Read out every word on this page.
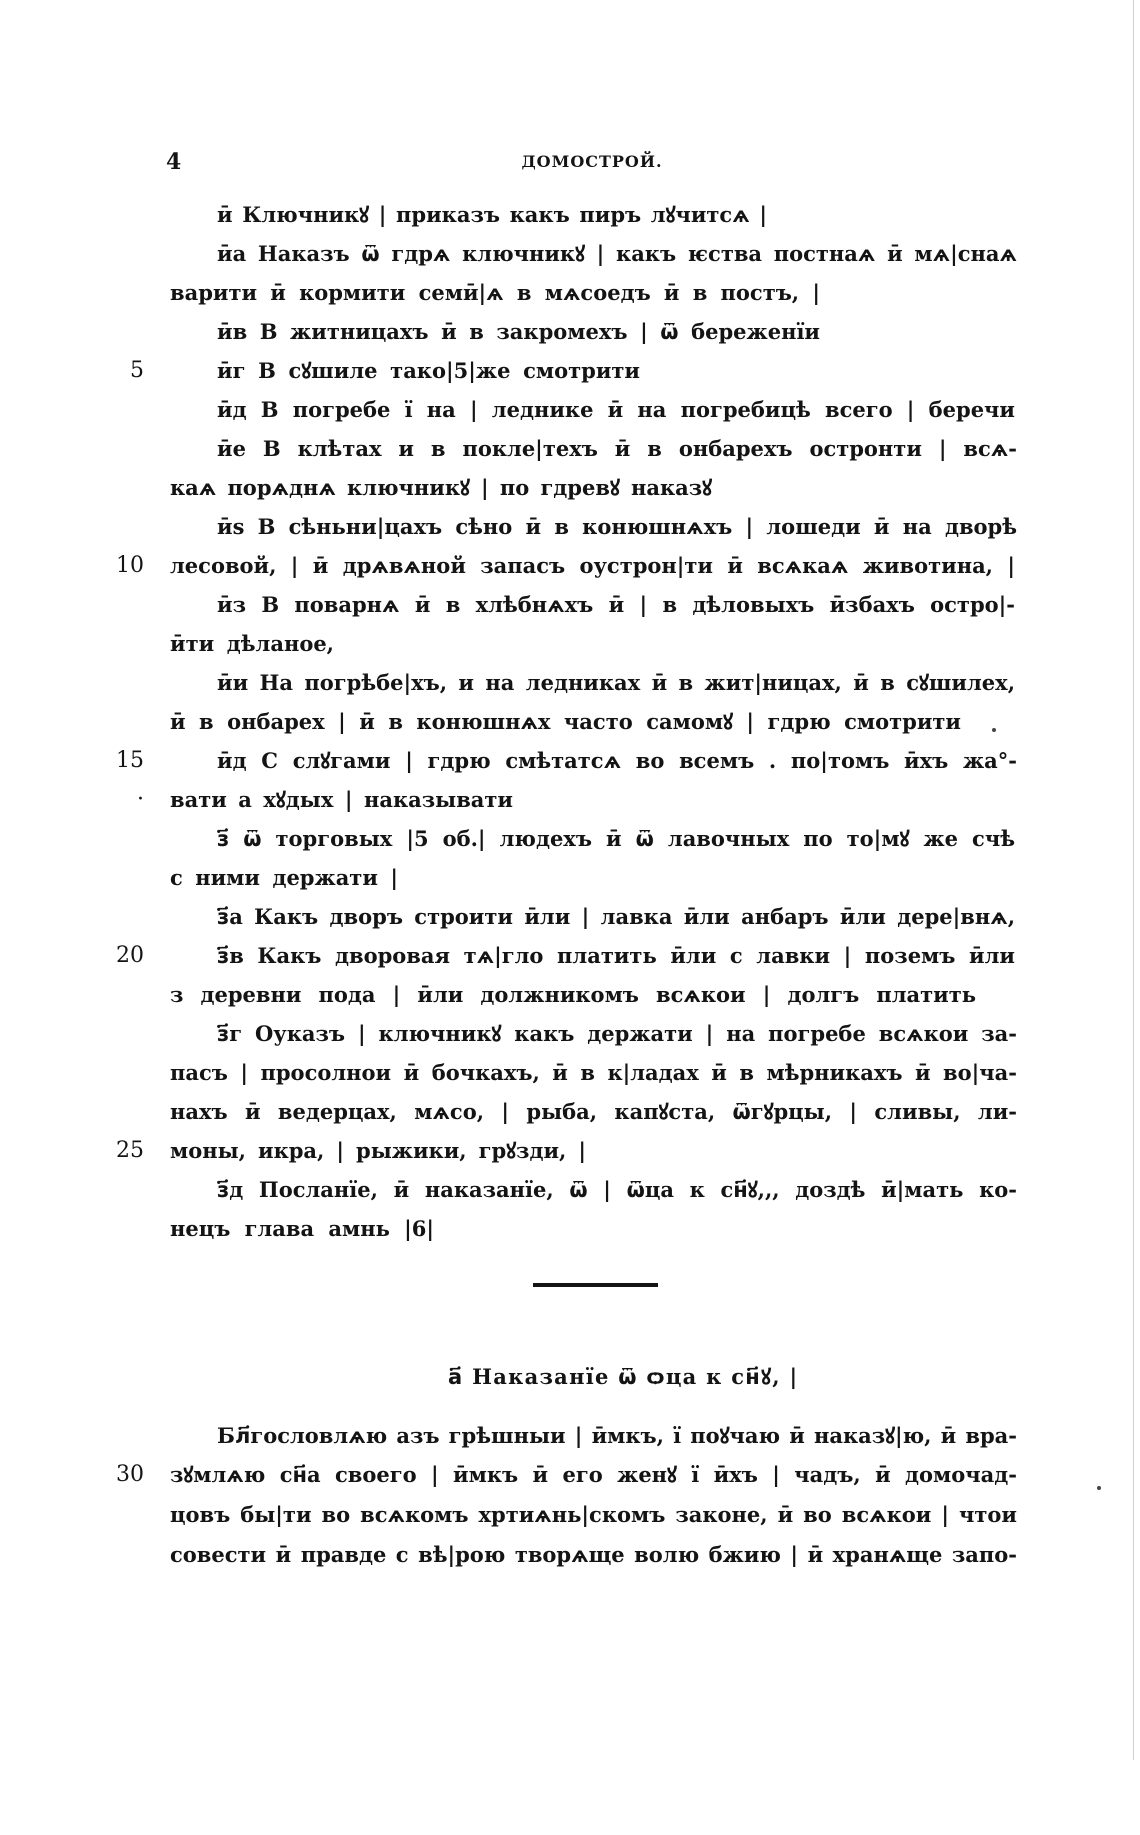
4	ДОМОСТРОЙ.
5
10
15
·
20
25
30
ӣ Ключникꙋ | приказъ какъ пиръ лꙋчитсѧ |
ӣа Наказъ ѿ гдрѧ ключникꙋ | какъ ѥства постнаѧ ӣ мѧ|снаѧ
варити ӣ кормити семӣ|ѧ в мѧсоедъ ӣ в постъ, |
ӣв В житницахъ ӣ в закромехъ | ѿ береженїи
ӣг В сꙋшиле тако|5|же смотрити
ӣд В погребе ї на | леднике ӣ на погребицѣ всего | беречи
ӣе В клѣтах и в покле|техъ ӣ в онбарехъ остронти | всѧ-
каѧ порѧднѧ ключникꙋ | по гдревꙋ наказꙋ
ӣѕ В сѣньни|цахъ сѣно ӣ в конюшнѧхъ | лошеди ӣ на дворѣ
лесовой, | ӣ дрѧвѧной запасъ оустрон|ти ӣ всѧкаѧ животина, |
ӣз В поварнѧ ӣ в хлѣбнѧхъ ӣ | в дѣловыхъ ӣзбахъ остро|-
ӣти дѣланое,
ӣи На погрѣбе|хъ, и на ледниках ӣ в жит|ницах, ӣ в сꙋшилех,
ӣ в онбарех | ӣ в конюшнѧх часто самомꙋ | гдрю смотрити
ӣд С слꙋгами | гдрю смѣтатсѧ во всемъ . по|томъ ӣхъ жа°-
вати а хꙋдых | наказывати
з҃ ѿ торговых |5 об.| людехъ ӣ ѿ лавочных по то|мꙋ же счѣ
с ними держати |
з҃а Какъ дворъ строити ӣли | лавка ӣли анбаръ ӣли дере|внѧ,
з҃в Какъ дворовая тѧ|гло платить ӣли с лавки | поземъ ӣли
з деревни пода | ӣли должникомъ всѧкои | долгъ платить
з҃г Оуказъ | ключникꙋ какъ держати | на погребе всѧкои за-
пасъ | просолнои ӣ бочкахъ, ӣ в к|ладах ӣ в мѣрникахъ ӣ во|ча-
нахъ ӣ ведерцах, мѧсо, | рыба, капꙋста, ѿгꙋрцы, | сливы, ли-
моны, икра, | рыжики, грꙋзди, |
з҃д Посланїе, ӣ наказанїе, ѿ | ѿца к сн҃ꙋ,,, доздѣ ӣ|мать ко-
нецъ глава амнь |6|
а҃ Наказанїе ѿ ѻца к сн҃ꙋ, |
Бл҃гословлѧю азъ грѣшныи | ӣмкъ, ї поꙋчаю ӣ наказꙋ|ю, ӣ вра-
зꙋмлѧю сн҃а своего | ӣмкъ ӣ его женꙋ ї ӣхъ | чадъ, ӣ домочад-
цовъ бы|ти во всѧкомъ хртиѧнь|скомъ законе, ӣ во всѧкои | чтои
совести ӣ правде с вѣ|рою творѧще волю бжию | ӣ хранѧще запо-
